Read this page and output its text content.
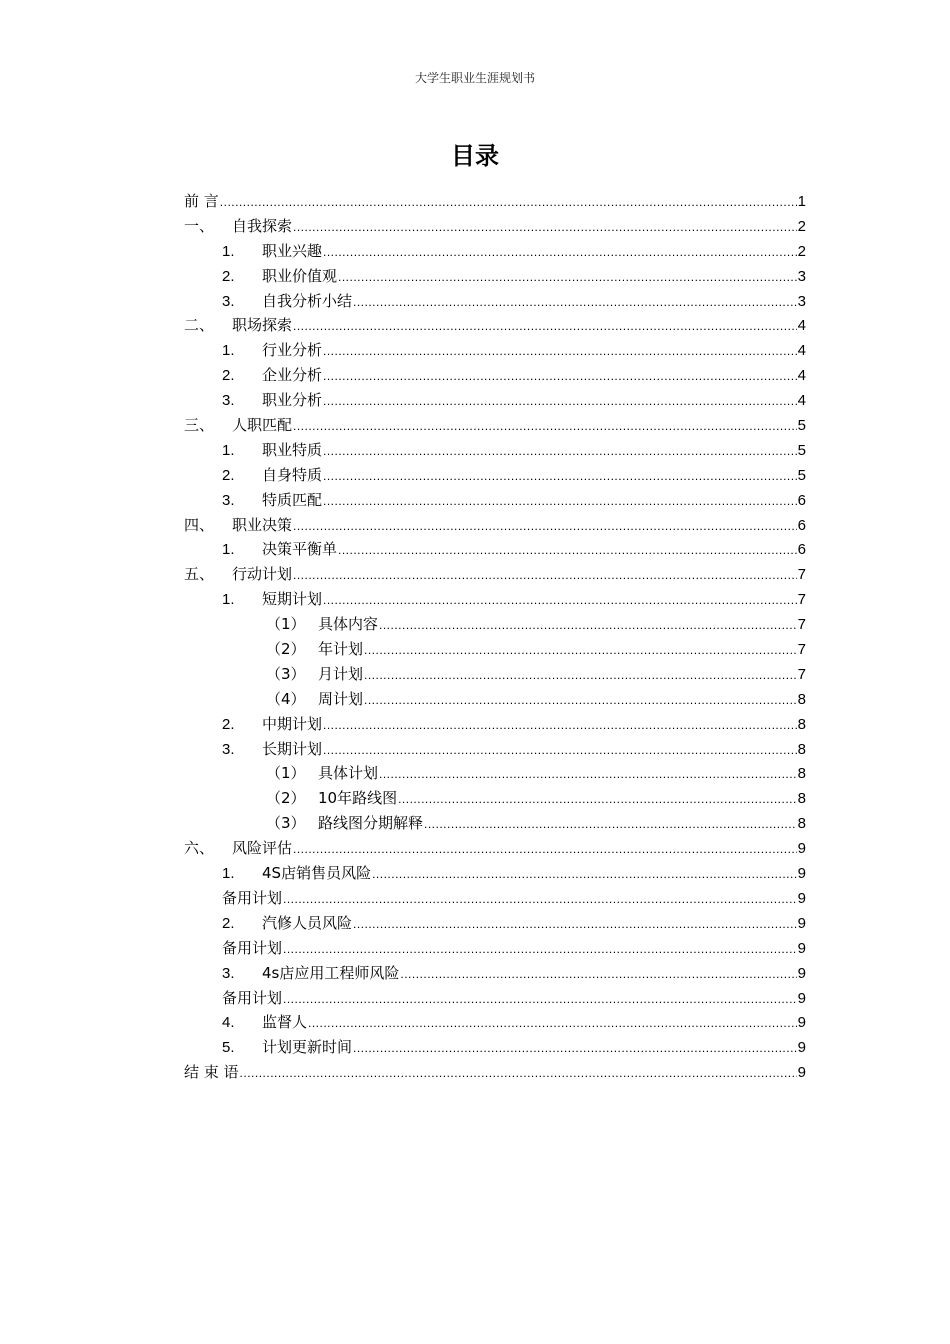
大学生职业生涯规划书
目录
前 言 .....	1
一、	自我探索 .....	2
1.	职业兴趣 .....	2
2.	职业价值观 .....	3
3.	自我分析小结 .....	3
二、	职场探索 .....	4
1.	行业分析 .....	4
2.	企业分析 .....	4
3.	职业分析 .....	4
三、	人职匹配 .....	5
1.	职业特质 .....	5
2.	自身特质 .....	5
3.	特质匹配 .....	6
四、	职业决策 .....	6
1.	决策平衡单 .....	6
五、	行动计划 .....	7
1.	短期计划 .....	7
（1） 具体内容 .....	7
（2） 年计划 .....	7
（3） 月计划 .....	7
（4） 周计划 .....	8
2.	中期计划 .....	8
3.	长期计划 .....	8
（1） 具体计划 .....	8
（2） 10年路线图 .....	8
（3） 路线图分期解释 .....	8
六、	风险评估 .....	9
1.	4S店销售员风险 .....	9
备用计划 .....	9
2.	汽修人员风险 .....	9
备用计划 .....	9
3.	4s店应用工程师风险 .....	9
备用计划 .....	9
4.	监督人 .....	9
5.	计划更新时间 .....	9
结 束 语 .....	9
